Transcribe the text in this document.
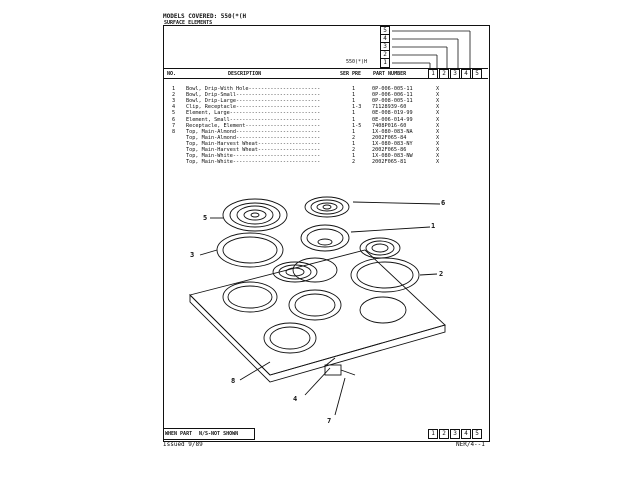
MODELS COVERED: 550(*(H
SURFACE ELEMENTS
5
4
3
2
1
550(*)H
NO.	DESCRIPTION	SER PRE PART NUMBER	1	2	3	4	5
1 Bowl, Drip-With Hole-----------------------	1	0P-006-005-11	X
2 Bowl, Drip-Small---------------------------	1	0P-006-006-11	X
3 Bowl, Drip-Large---------------------------	1	0P-008-005-11	X
4 Clip, Receptacle---------------------------	1-3 71128939-60	X
5 Element, Large-----------------------------	1	0E-008-019-99	X
6 Element, Small-----------------------------	1	0E-006-014-99	X
7 Receptacle, Element------------------------	1-5 7408P016-60	X
8 Top, Main-Almond---------------------------	1	1X-080-083-NA	X
Top, Main-Almond---------------------------	2	2002F065-84	X
Top, Main-Harvest Wheat--------------------	1	1X-080-083-NY	X
Top, Main-Harvest Wheat--------------------	2	2002F065-86	X
Top, Main-White----------------------------	1	1X-080-083-NW	X
Top, Main-White----------------------------	2	2002F065-81	X
1
2
3
4
5
6
7
8
WHEN PART N/S-NOT SHOWN	1	2	3	4	5
Issued 9/89	NER/4--1
